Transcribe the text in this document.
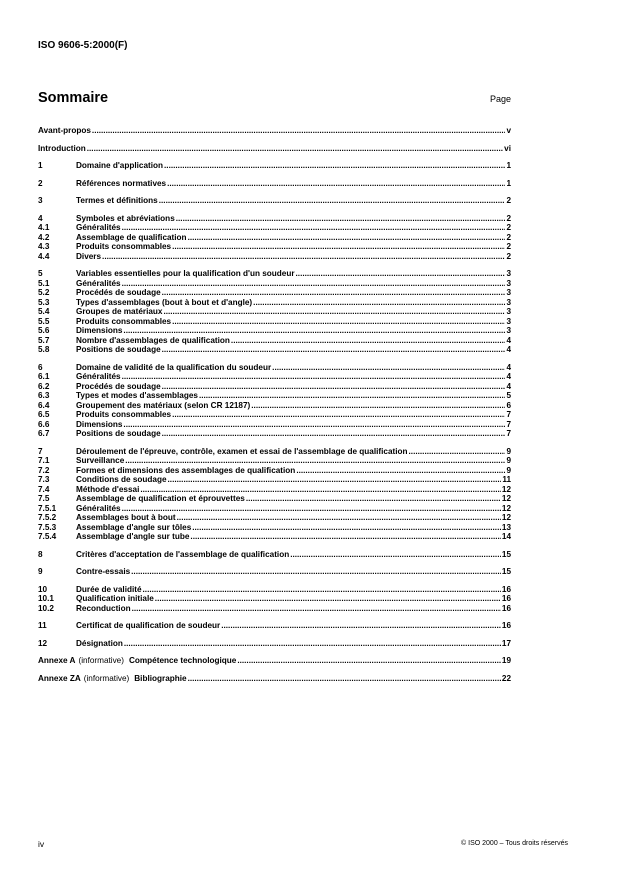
ISO 9606-5:2000(F)
Sommaire	Page
Avant-propos .....	v
Introduction .....	vi
1	Domaine d'application .....	1
2	Références normatives .....	1
3	Termes et définitions .....	2
4	Symboles et abréviations .....	2
4.1	Généralités .....	2
4.2	Assemblage de qualification .....	2
4.3	Produits consommables .....	2
4.4	Divers .....	2
5	Variables essentielles pour la qualification d'un soudeur .....	3
5.1	Généralités .....	3
5.2	Procédés de soudage .....	3
5.3	Types d'assemblages (bout à bout et d'angle) .....	3
5.4	Groupes de matériaux .....	3
5.5	Produits consommables .....	3
5.6	Dimensions .....	3
5.7	Nombre d'assemblages de qualification .....	4
5.8	Positions de soudage .....	4
6	Domaine de validité de la qualification du soudeur .....	4
6.1	Généralités .....	4
6.2	Procédés de soudage .....	4
6.3	Types et modes d'assemblages .....	5
6.4	Groupement des matériaux (selon CR 12187) .....	6
6.5	Produits consommables .....	7
6.6	Dimensions .....	7
6.7	Positions de soudage .....	7
7	Déroulement de l'épreuve, contrôle, examen et essai de l'assemblage de qualification .....	9
7.1	Surveillance .....	9
7.2	Formes et dimensions des assemblages de qualification .....	9
7.3	Conditions de soudage .....	11
7.4	Méthode d'essai .....	12
7.5	Assemblage de qualification et éprouvettes .....	12
7.5.1	Généralités .....	12
7.5.2	Assemblages bout à bout .....	12
7.5.3	Assemblage d'angle sur tôles .....	13
7.5.4	Assemblage d'angle sur tube .....	14
8	Critères d'acceptation de l'assemblage de qualification .....	15
9	Contre-essais .....	15
10	Durée de validité .....	16
10.1	Qualification initiale .....	16
10.2	Reconduction .....	16
11	Certificat de qualification de soudeur .....	16
12	Désignation .....	17
Annexe A (informative) Compétence technologique .....	19
Annexe ZA (informative) Bibliographie .....	22
iv	© ISO 2000 – Tous droits réservés
